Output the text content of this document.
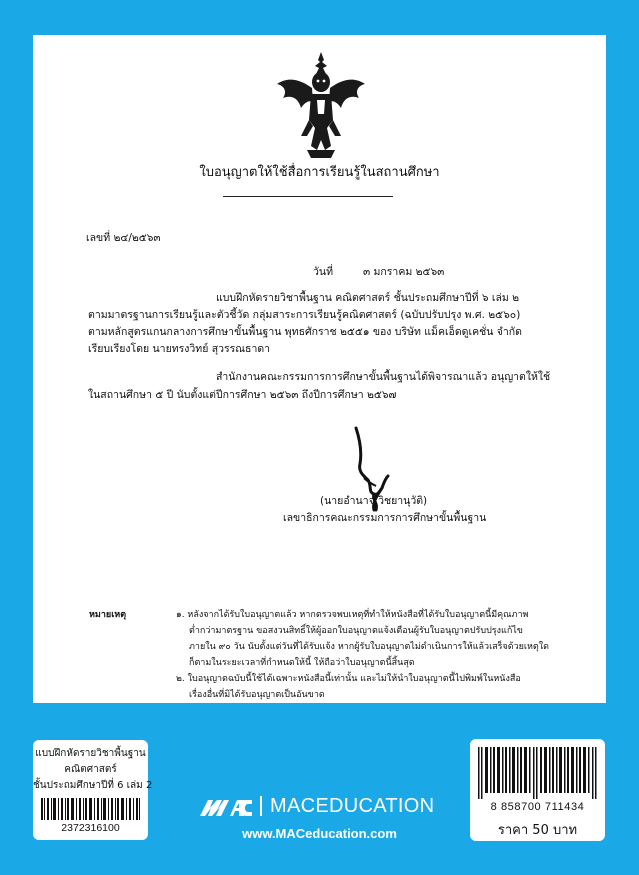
ใบอนุญาตให้ใช้สื่อการเรียนรู้ในสถานศึกษา
เลขที่ ๒๔/๒๕๖๓
วันที่	๓ มกราคม ๒๕๖๓
แบบฝึกหัดรายวิชาพื้นฐาน คณิตศาสตร์ ชั้นประถมศึกษาปีที่ ๖ เล่ม ๒
ตามมาตรฐานการเรียนรู้และตัวชี้วัด กลุ่มสาระการเรียนรู้คณิตศาสตร์ (ฉบับปรับปรุง พ.ศ. ๒๕๖๐)
ตามหลักสูตรแกนกลางการศึกษาขั้นพื้นฐาน พุทธศักราช ๒๕๕๑ ของ บริษัท แม็คเอ็ดดูเคชั่น จำกัด
เรียบเรียงโดย นายทรงวิทย์ สุวรรณธาดา
สำนักงานคณะกรรมการการศึกษาขั้นพื้นฐานได้พิจารณาแล้ว อนุญาตให้ใช้
ในสถานศึกษา ๕ ปี นับตั้งแต่ปีการศึกษา ๒๕๖๓ ถึงปีการศึกษา ๒๕๖๗
(นายอำนาจ วิชยานุวัติ)
เลขาธิการคณะกรรมการการศึกษาขั้นพื้นฐาน
หมายเหตุ	๑. หลังจากได้รับใบอนุญาตแล้ว หากตรวจพบเหตุที่ทำให้หนังสือที่ได้รับใบอนุญาตนี้มีคุณภาพ
ต่ำกว่ามาตรฐาน ขอสงวนสิทธิ์ให้ผู้ออกใบอนุญาตแจ้งเตือนผู้รับใบอนุญาตปรับปรุงแก้ไข
ภายใน ๙๐ วัน นับตั้งแต่วันที่ได้รับแจ้ง หากผู้รับใบอนุญาตไม่ดำเนินการให้แล้วเสร็จด้วยเหตุใด
ก็ตามในระยะเวลาที่กำหนดให้นี้ ให้ถือว่าใบอนุญาตนี้สิ้นสุด
๒. ใบอนุญาตฉบับนี้ใช้ได้เฉพาะหนังสือนี้เท่านั้น และไม่ให้นำใบอนุญาตนี้ไปพิมพ์ในหนังสือ
เรื่องอื่นที่มิได้รับอนุญาตเป็นอันขาด
แบบฝึกหัดรายวิชาพื้นฐาน
คณิตศาสตร์
ชั้นประถมศึกษาปีที่ 6 เล่ม 2
2372316100
MACEDUCATION
www.MACeducation.com
8 858700 711434
ราคา 50 บาท
